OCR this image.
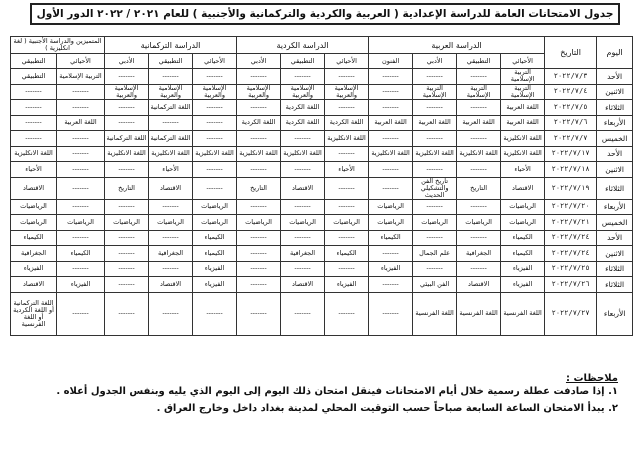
جدول الامتحانات العامة للدراسة الإعدادية ( العربية والكردية والتركمانية والأجنبية ) للعام ٢٠٢١ / ٢٠٢٢ الدور الأول
اليوم	التاريخ	الدراسة العربية				الدراسة الكردية			الدراسة التركمانية			المتميزين والدراسة الأجنبية ( لغة انكليزية )	
		الأحيائي	التطبيقي	الأدبي	الفنون	الأحيائي	التطبيقي	الأدبي	الأحيائي	التطبيقي	الأدبي	الأحيائي	التطبيقي
الأحد	٢٠٢٢/٧/٣	التربية الإسلامية	-------	-------	-------	-------	-------	-------	-------	-------	-------	التربية الإسلامية	التطبيقي
الاثنين	٢٠٢٢/٧/٤	التربية الإسلامية	التربية الإسلامية	التربية الإسلامية	-------	الإسلامية والعربية	الإسلامية والعربية	الإسلامية والعربية	الإسلامية والعربية	الإسلامية والعربية	الإسلامية والعربية	-------	-------
الثلاثاء	٢٠٢٢/٧/٥	اللغة العربية	-------	-------	-------	-------	اللغة الكردية	-------	-------	اللغة التركمانية	-------	-------	-------
الأربعاء	٢٠٢٢/٧/٦	اللغة العربية	اللغة العربية	اللغة العربية	اللغة العربية	اللغة الكردية	اللغة الكردية	اللغة الكردية	-------	-------	-------	اللغة العربية	-------
الخميس	٢٠٢٢/٧/٧	اللغة الانكليزية	-------	-------	-------	اللغة الانكليزية	-------	-------	-------	اللغة التركمانية	اللغة التركمانية	-------	-------
الأحد	٢٠٢٢/٧/١٧	اللغة الانكليزية	اللغة الانكليزية	اللغة الانكليزية	اللغة الانكليزية	-------	اللغة الانكليزية	اللغة الانكليزية	اللغة الانكليزية	اللغة الانكليزية	اللغة الانكليزية	-------	اللغة الانكليزية
الاثنين	٢٠٢٢/٧/١٨	الأحياء	-------	-------	-------	الأحياء	-------	-------	-------	الأحياء	-------	-------	الأحياء
الثلاثاء	٢٠٢٢/٧/١٩	الاقتصاد	التاريخ	تاريخ الفن والتشكيلي الحديث	-------	-------	الاقتصاد	التاريخ	-------	الاقتصاد	التاريخ	-------	الاقتصاد
الأربعاء	٢٠٢٢/٧/٢٠	الرياضيات	-------	-------	الرياضيات	-------	-------	-------	الرياضيات	-------	-------	-------	الرياضيات
الخميس	٢٠٢٢/٧/٢١	الرياضيات	الرياضيات	الرياضيات	الرياضيات	الرياضيات	الرياضيات	الرياضيات	الرياضيات	الرياضيات	الرياضيات	الرياضيات	الرياضيات
الأحد	٢٠٢٢/٧/٢٤	الكيمياء	-------	-------	الكيمياء	-------	-------	-------	الكيمياء	-------	-------	-------	الكيمياء
الاثنين	٢٠٢٢/٧/٢٤	الكيمياء	الجغرافية	علم الجمال	-------	الكيمياء	الجغرافية	-------	الكيمياء	الجغرافية	-------	الكيمياء	الجغرافية
الثلاثاء	٢٠٢٢/٧/٢٥	الفيزياء	-------	-------	الفيزياء	-------	-------	-------	الفيزياء	-------	-------	-------	الفيزياء
الثلاثاء	٢٠٢٢/٧/٢٦	الفيزياء	الاقتصاد	الفن البيئي	-------	الفيزياء	الاقتصاد	-------	الفيزياء	الاقتصاد	-------	الفيزياء	الاقتصاد
الأربعاء	٢٠٢٢/٧/٢٧	اللغة الفرنسية	اللغة الفرنسية	اللغة الفرنسية	-------	-------	-------	-------	-------	-------	-------	-------	اللغة التركمانية أو اللغة الكردية أو اللغة الفرنسية
ملاحظات :
١. إذا صادفت عطلة رسمية خلال أيام الامتحانات فينقل امتحان ذلك اليوم إلى اليوم الذي يليه وبنفس الجدول أعلاه .
٢. يبدأ الامتحان الساعة السابعة صباحاً حسب التوقيت المحلي لمدينة بغداد داخل وخارج العراق .
